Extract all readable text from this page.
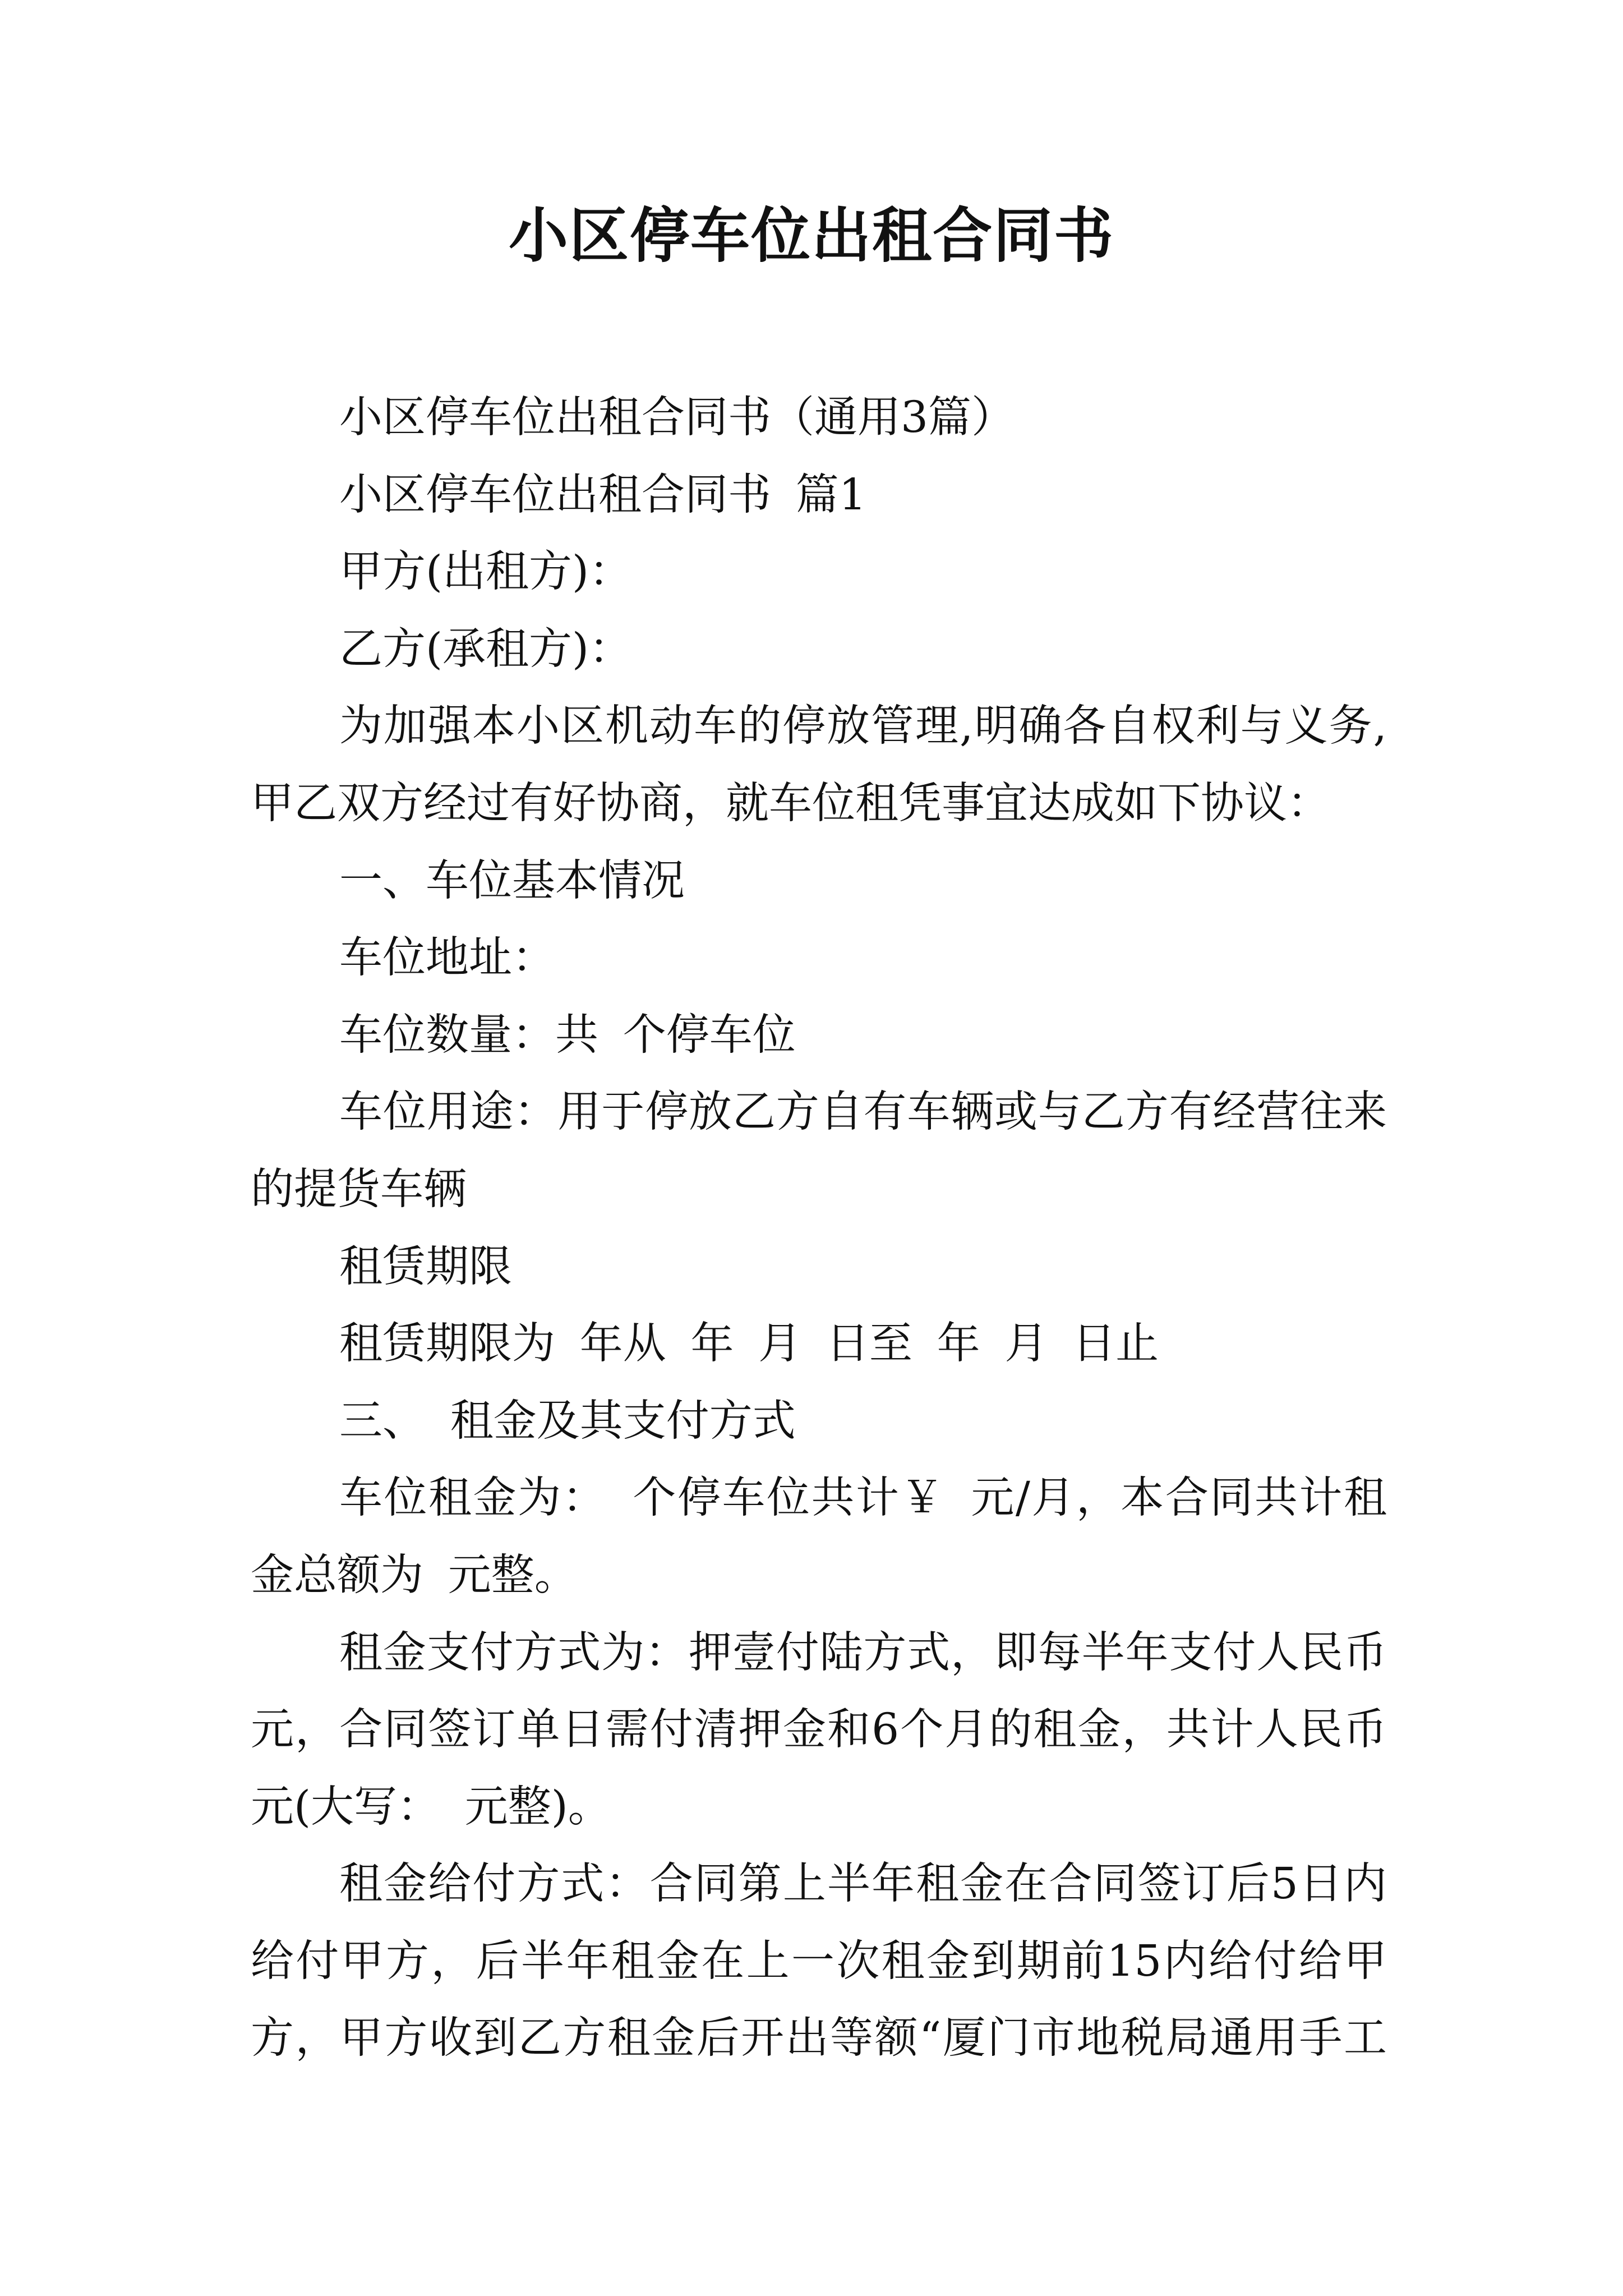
小区停车位出租合同书
小区停车位出租合同书（通用3篇）
小区停车位出租合同书 篇1
甲方(出租方)：
乙方(承租方)：
为加强本小区机动车的停放管理,明确各自权利与义务,
甲乙双方经过有好协商，就车位租凭事宜达成如下协议：
一、车位基本情况
车位地址：
车位数量：共 个停车位
车位用途：用于停放乙方自有车辆或与乙方有经营往来
的提货车辆
租赁期限
租赁期限为 年从 年 月 日至 年 月 日止
三、 租金及其支付方式
车位租金为： 个停车位共计￥ 元/月，本合同共计租
金总额为 元整。
租金支付方式为：押壹付陆方式，即每半年支付人民币
元，合同签订单日需付清押金和6个月的租金，共计人民币
元(大写： 元整)。
租金给付方式：合同第上半年租金在合同签订后5日内
给付甲方，后半年租金在上一次租金到期前15内给付给甲
方，甲方收到乙方租金后开出等额“厦门市地税局通用手工
